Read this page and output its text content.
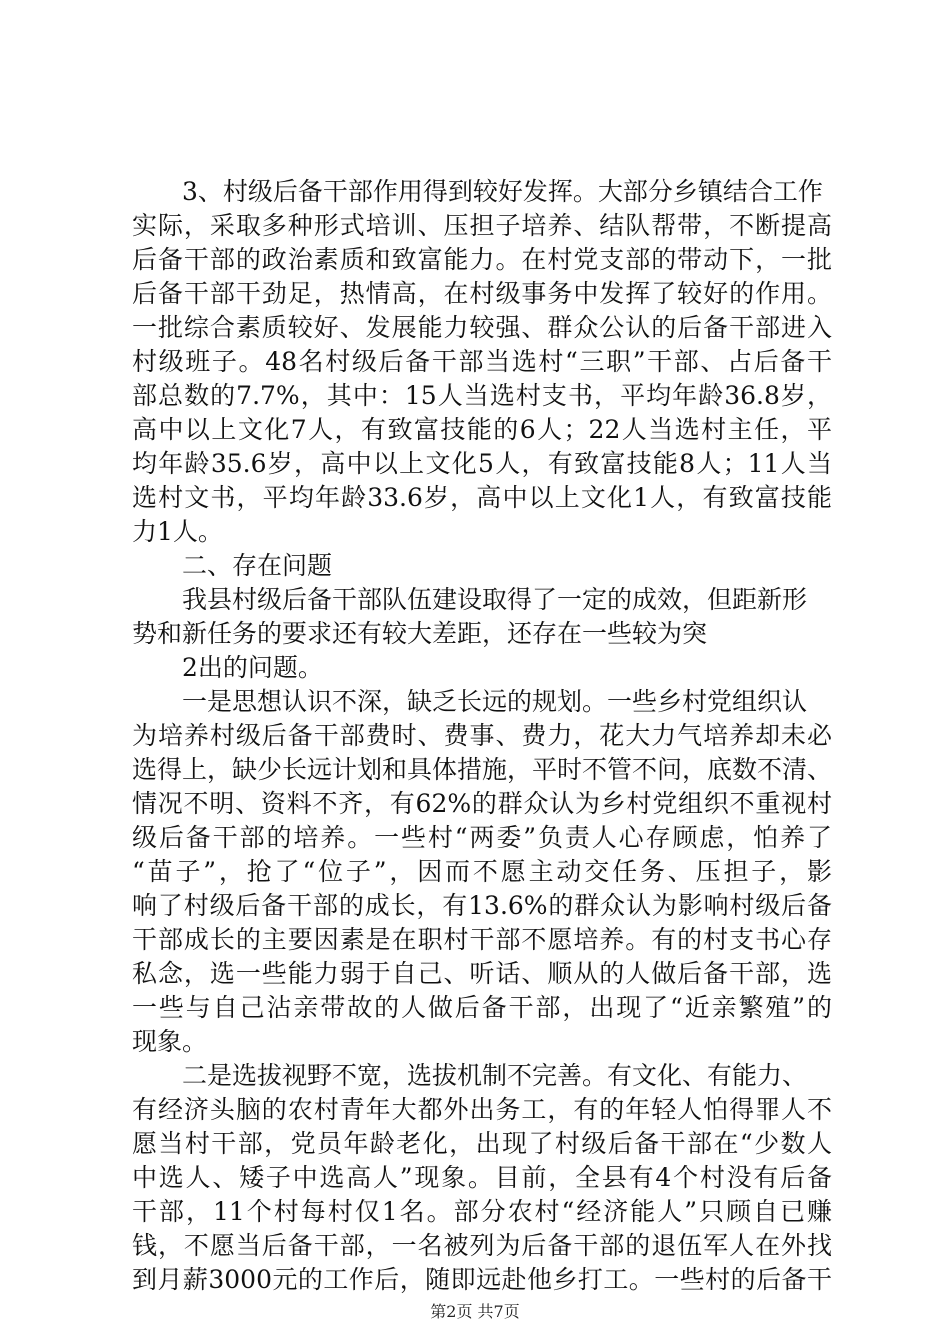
3、村级后备干部作用得到较好发挥。大部分乡镇结合工作
实际，采取多种形式培训、压担子培养、结队帮带，不断提高
后备干部的政治素质和致富能力。在村党支部的带动下，一批
后备干部干劲足，热情高，在村级事务中发挥了较好的作用。
一批综合素质较好、发展能力较强、群众公认的后备干部进入
村级班子。48名村级后备干部当选村“三职”干部、占后备干
部总数的7.7%，其中：15人当选村支书，平均年龄36.8岁，
高中以上文化7人，有致富技能的6人；22人当选村主任，平
均年龄35.6岁，高中以上文化5人，有致富技能8人；11人当
选村文书，平均年龄33.6岁，高中以上文化1人，有致富技能
力1人。
二、存在问题
我县村级后备干部队伍建设取得了一定的成效，但距新形
势和新任务的要求还有较大差距，还存在一些较为突
2出的问题。
一是思想认识不深，缺乏长远的规划。一些乡村党组织认
为培养村级后备干部费时、费事、费力，花大力气培养却未必
选得上，缺少长远计划和具体措施，平时不管不问，底数不清、
情况不明、资料不齐，有62%的群众认为乡村党组织不重视村
级后备干部的培养。一些村“两委”负责人心存顾虑，怕养了
“苗子”，抢了“位子”，因而不愿主动交任务、压担子，影
响了村级后备干部的成长，有13.6%的群众认为影响村级后备
干部成长的主要因素是在职村干部不愿培养。有的村支书心存
私念，选一些能力弱于自己、听话、顺从的人做后备干部，选
一些与自己沾亲带故的人做后备干部，出现了“近亲繁殖”的
现象。
二是选拔视野不宽，选拔机制不完善。有文化、有能力、
有经济头脑的农村青年大都外出务工，有的年轻人怕得罪人不
愿当村干部，党员年龄老化，出现了村级后备干部在“少数人
中选人、矮子中选高人”现象。目前，全县有4个村没有后备
干部，11个村每村仅1名。部分农村“经济能人”只顾自已赚
钱，不愿当后备干部，一名被列为后备干部的退伍军人在外找
到月薪3000元的工作后，随即远赴他乡打工。一些村的后备干
第2页 共7页
